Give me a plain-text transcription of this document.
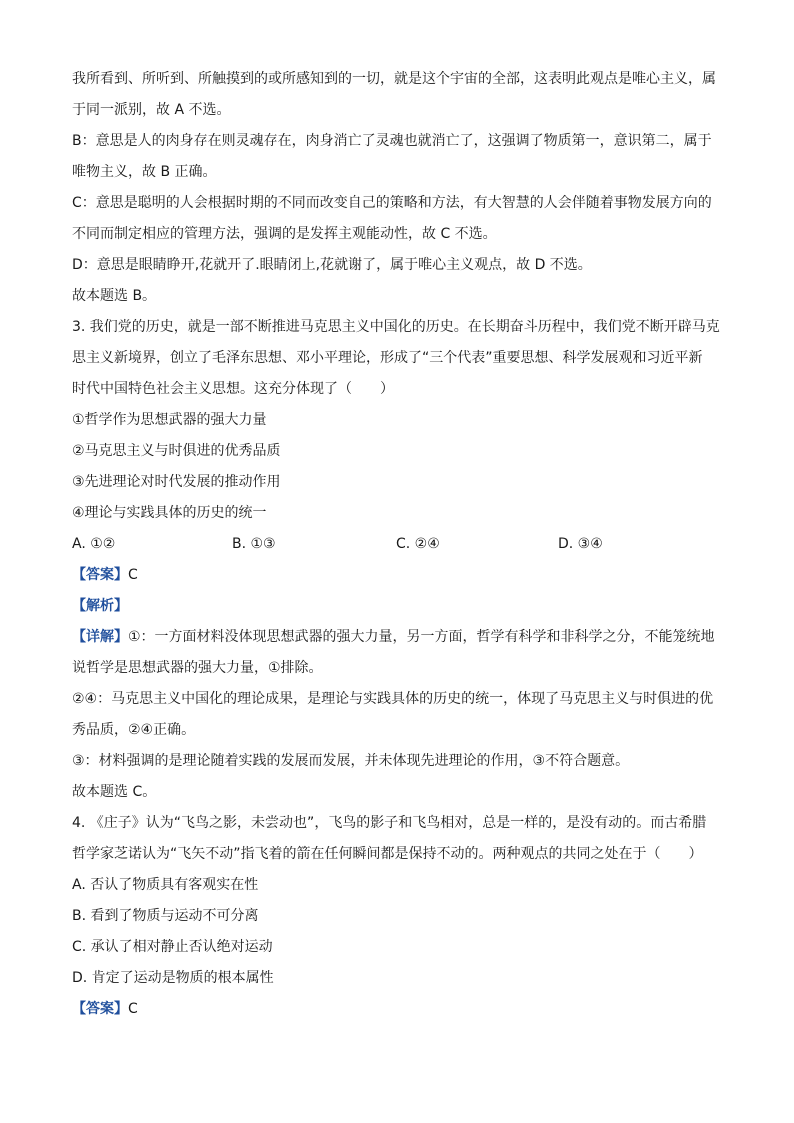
我所看到、所听到、所触摸到的或所感知到的一切，就是这个宇宙的全部，这表明此观点是唯心主义，属
于同一派别，故 A 不选。
B：意思是人的肉身存在则灵魂存在，肉身消亡了灵魂也就消亡了，这强调了物质第一，意识第二，属于
唯物主义，故 B 正确。
C：意思是聪明的人会根据时期的不同而改变自己的策略和方法，有大智慧的人会伴随着事物发展方向的
不同而制定相应的管理方法，强调的是发挥主观能动性，故 C 不选。
D：意思是眼睛睁开,花就开了.眼睛闭上,花就谢了，属于唯心主义观点，故 D 不选。
故本题选 B。
3. 我们党的历史，就是一部不断推进马克思主义中国化的历史。在长期奋斗历程中，我们党不断开辟马克
思主义新境界，创立了毛泽东思想、邓小平理论，形成了“三个代表”重要思想、科学发展观和习近平新
时代中国特色社会主义思想。这充分体现了（　　）
①哲学作为思想武器的强大力量
②马克思主义与时俱进的优秀品质
③先进理论对时代发展的推动作用
④理论与实践具体的历史的统一
A. ①②	B. ①③	C. ②④	D. ③④
【答案】C
【解析】
【详解】①：一方面材料没体现思想武器的强大力量，另一方面，哲学有科学和非科学之分，不能笼统地
说哲学是思想武器的强大力量，①排除。
②④：马克思主义中国化的理论成果，是理论与实践具体的历史的统一，体现了马克思主义与时俱进的优
秀品质，②④正确。
③：材料强调的是理论随着实践的发展而发展，并未体现先进理论的作用，③不符合题意。
故本题选 C。
4. 《庄子》认为“飞鸟之影，未尝动也”，飞鸟的影子和飞鸟相对，总是一样的，是没有动的。而古希腊
哲学家芝诺认为“飞矢不动”指飞着的箭在任何瞬间都是保持不动的。两种观点的共同之处在于（　　）
A. 否认了物质具有客观实在性
B. 看到了物质与运动不可分离
C. 承认了相对静止否认绝对运动
D. 肯定了运动是物质的根本属性
【答案】C
